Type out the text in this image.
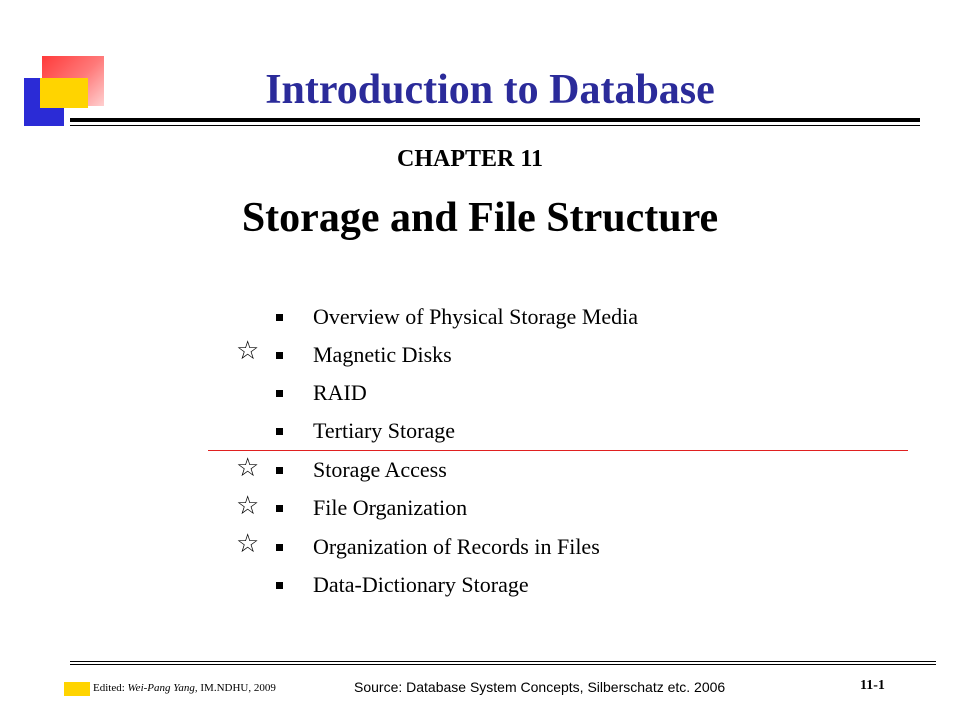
Introduction to Database
CHAPTER 11
Storage and File Structure
Overview of Physical Storage Media
Magnetic Disks
RAID
Tertiary Storage
Storage Access
File Organization
Organization of Records in Files
Data-Dictionary Storage
☆
☆
☆
☆
Edited: Wei-Pang Yang, IM.NDHU, 2009	Source: Database System Concepts, Silberschatz etc. 2006	11-1
